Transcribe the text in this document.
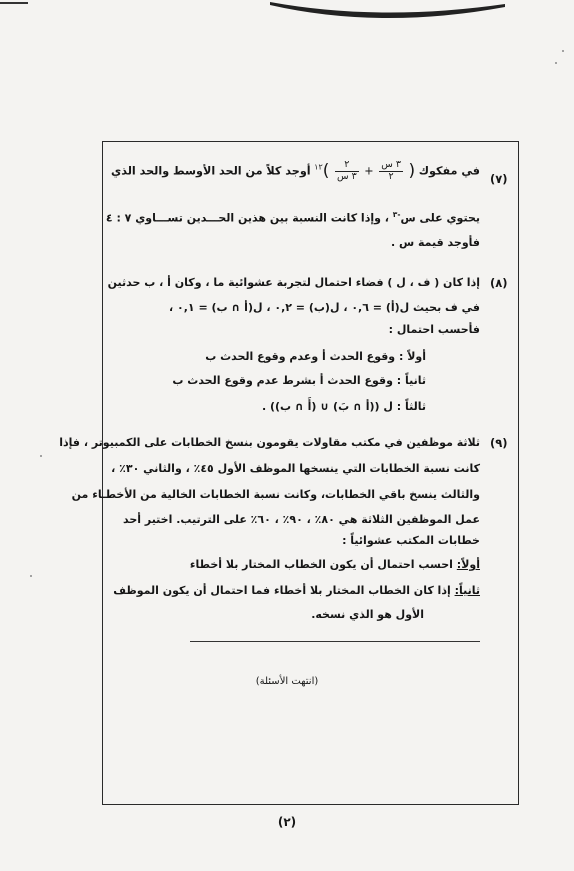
(٧)
في مفكوك (
$\frac{\text{٣ س}}{٢}$
+
$\frac{٢}{\text{٣ س}}$
)$^{١٢}$ أوجد كلاً من الحد الأوسط والحد الذي
يحتوي على س$^{-٣}$ ، وإذا كانت النسبة بين هذين الحـــدين تســـاوي ٧ : ٤
فأوجد قيمة س .
(٨)
إذا كان ( ف ، ل ) فضاء احتمال لتجربة عشوائية ما ، وكان أ ، ب حدثين
في ف بحيث ل(أ) = ٠,٦ ، ل(ب) = ٠,٢ ، ل(أ ∩ ب) = ٠,١ ،
فأحسب احتمال :
أولاً : وقوع الحدث أ وعدم وقوع الحدث ب
ثانياً : وقوع الحدث أ بشرط عدم وقوع الحدث ب
ثالثاً : ل ((أ ∩ بَ) ∪ (أَ ∩ ب)) .
(٩)
ثلاثة موظفين في مكتب مقاولات يقومون بنسخ الخطابات على الكمبيوتر ، فإذا
كانت نسبة الخطابات التي ينسخها الموظف الأول ٤٥٪ ، والثاني ٣٠٪ ،
والثالث ينسخ باقي الخطابات، وكانت نسبة الخطابات الخالية من الأخطـاء من
عمل الموظفين الثلاثة هي ٨٠٪ ، ٩٠٪ ، ٦٠٪ على الترتيب. اختير أحد
خطابات المكتب عشوائياً :
أولاً: احسب احتمال أن يكون الخطاب المختار بلا أخطاء
ثانياً: إذا كان الخطاب المختار بلا أخطاء فما احتمال أن يكون الموظف
الأول هو الذي نسخه.
(انتهت الأسئلة)
(٢)
